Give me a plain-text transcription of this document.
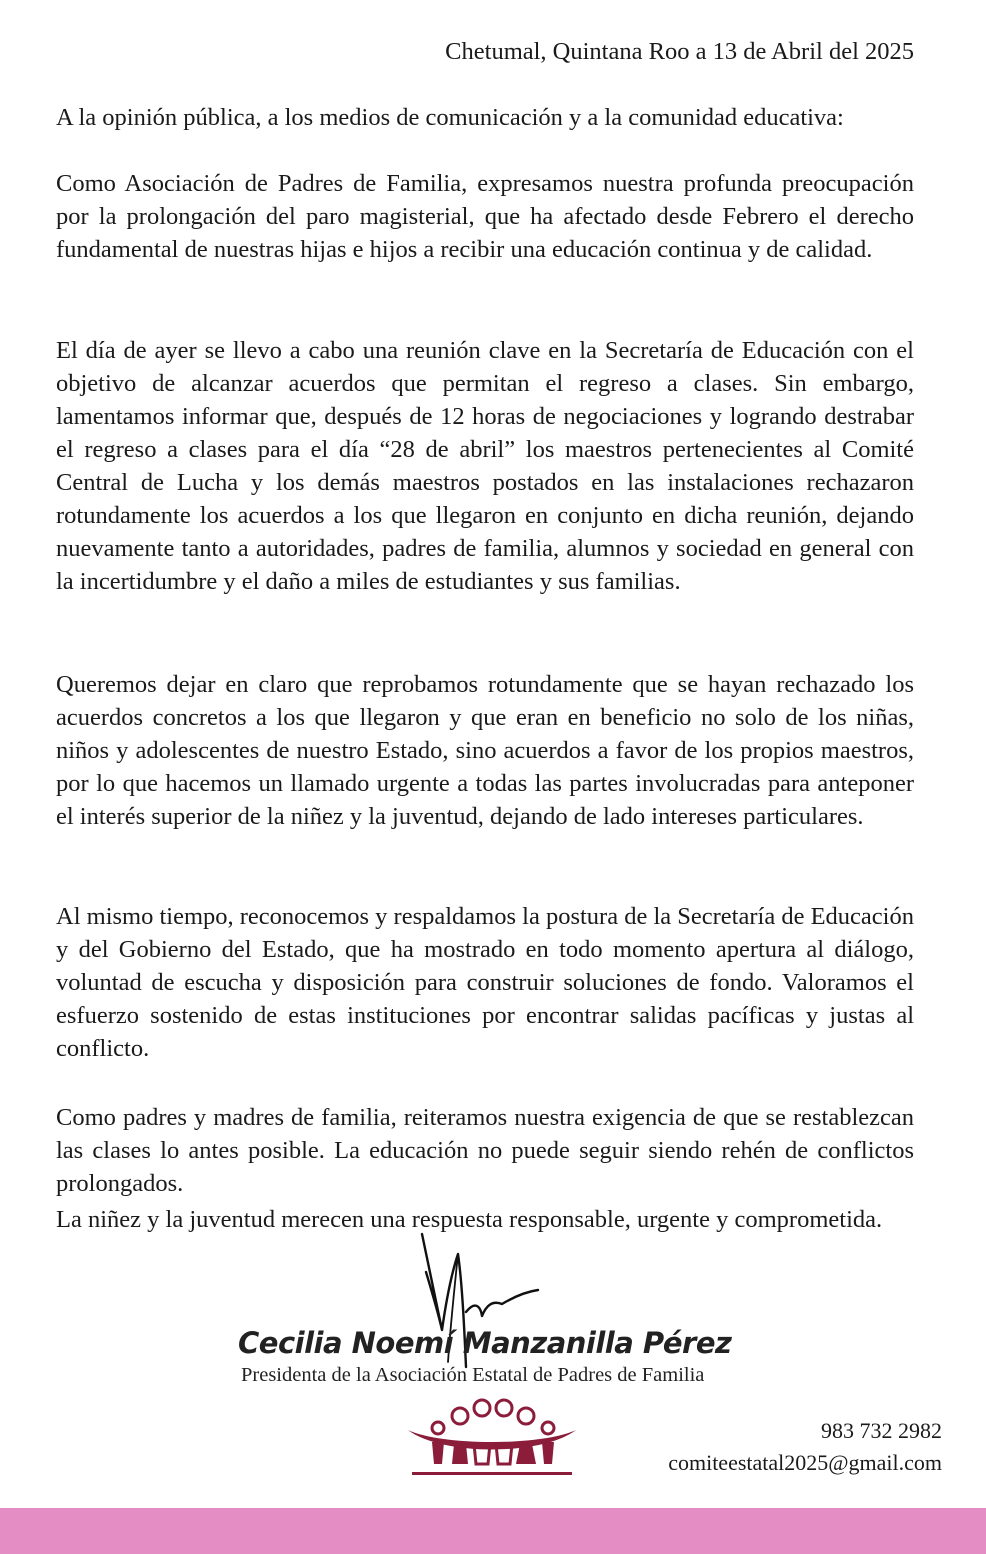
Chetumal, Quintana Roo a 13 de Abril del 2025
A la opinión pública, a los medios de comunicación y a la comunidad educativa:
Como Asociación de Padres de Familia, expresamos nuestra profunda preocupación por la prolongación del paro magisterial, que ha afectado desde Febrero el derecho fundamental de nuestras hijas e hijos a recibir una educación continua y de calidad.
El día de ayer se llevo a cabo una reunión clave en la Secretaría de Educación con el objetivo de alcanzar acuerdos que permitan el regreso a clases. Sin embargo, lamentamos informar que, después de 12 horas de negociaciones y logrando destrabar el regreso a clases para el día “28 de abril” los maestros pertenecientes al Comité Central de Lucha y los demás maestros postados en las instalaciones rechazaron rotundamente los acuerdos a los que llegaron en conjunto en dicha reunión, dejando nuevamente tanto a autoridades, padres de familia, alumnos y sociedad en general con la incertidumbre y el daño a miles de estudiantes y sus familias.
Queremos dejar en claro que reprobamos rotundamente que se hayan rechazado los acuerdos concretos a los que llegaron y que eran en beneficio no solo de los niñas, niños y adolescentes de nuestro Estado, sino acuerdos a favor de los propios maestros, por lo que hacemos un llamado urgente a todas las partes involucradas para anteponer el interés superior de la niñez y la juventud, dejando de lado intereses particulares.
Al mismo tiempo, reconocemos y respaldamos la postura de la Secretaría de Educación y del Gobierno del Estado, que ha mostrado en todo momento apertura al diálogo, voluntad de escucha y disposición para construir soluciones de fondo. Valoramos el esfuerzo sostenido de estas instituciones por encontrar salidas pacíficas y justas al conflicto.
Como padres y madres de familia, reiteramos nuestra exigencia de que se restablezcan las clases lo antes posible. La educación no puede seguir siendo rehén de conflictos prolongados.
La niñez y la juventud merecen una respuesta responsable, urgente y comprometida.
Cecilia Noemí Manzanilla Pérez
Presidenta de la Asociación Estatal de Padres de Familia
983 732 2982
comiteestatal2025@gmail.com
